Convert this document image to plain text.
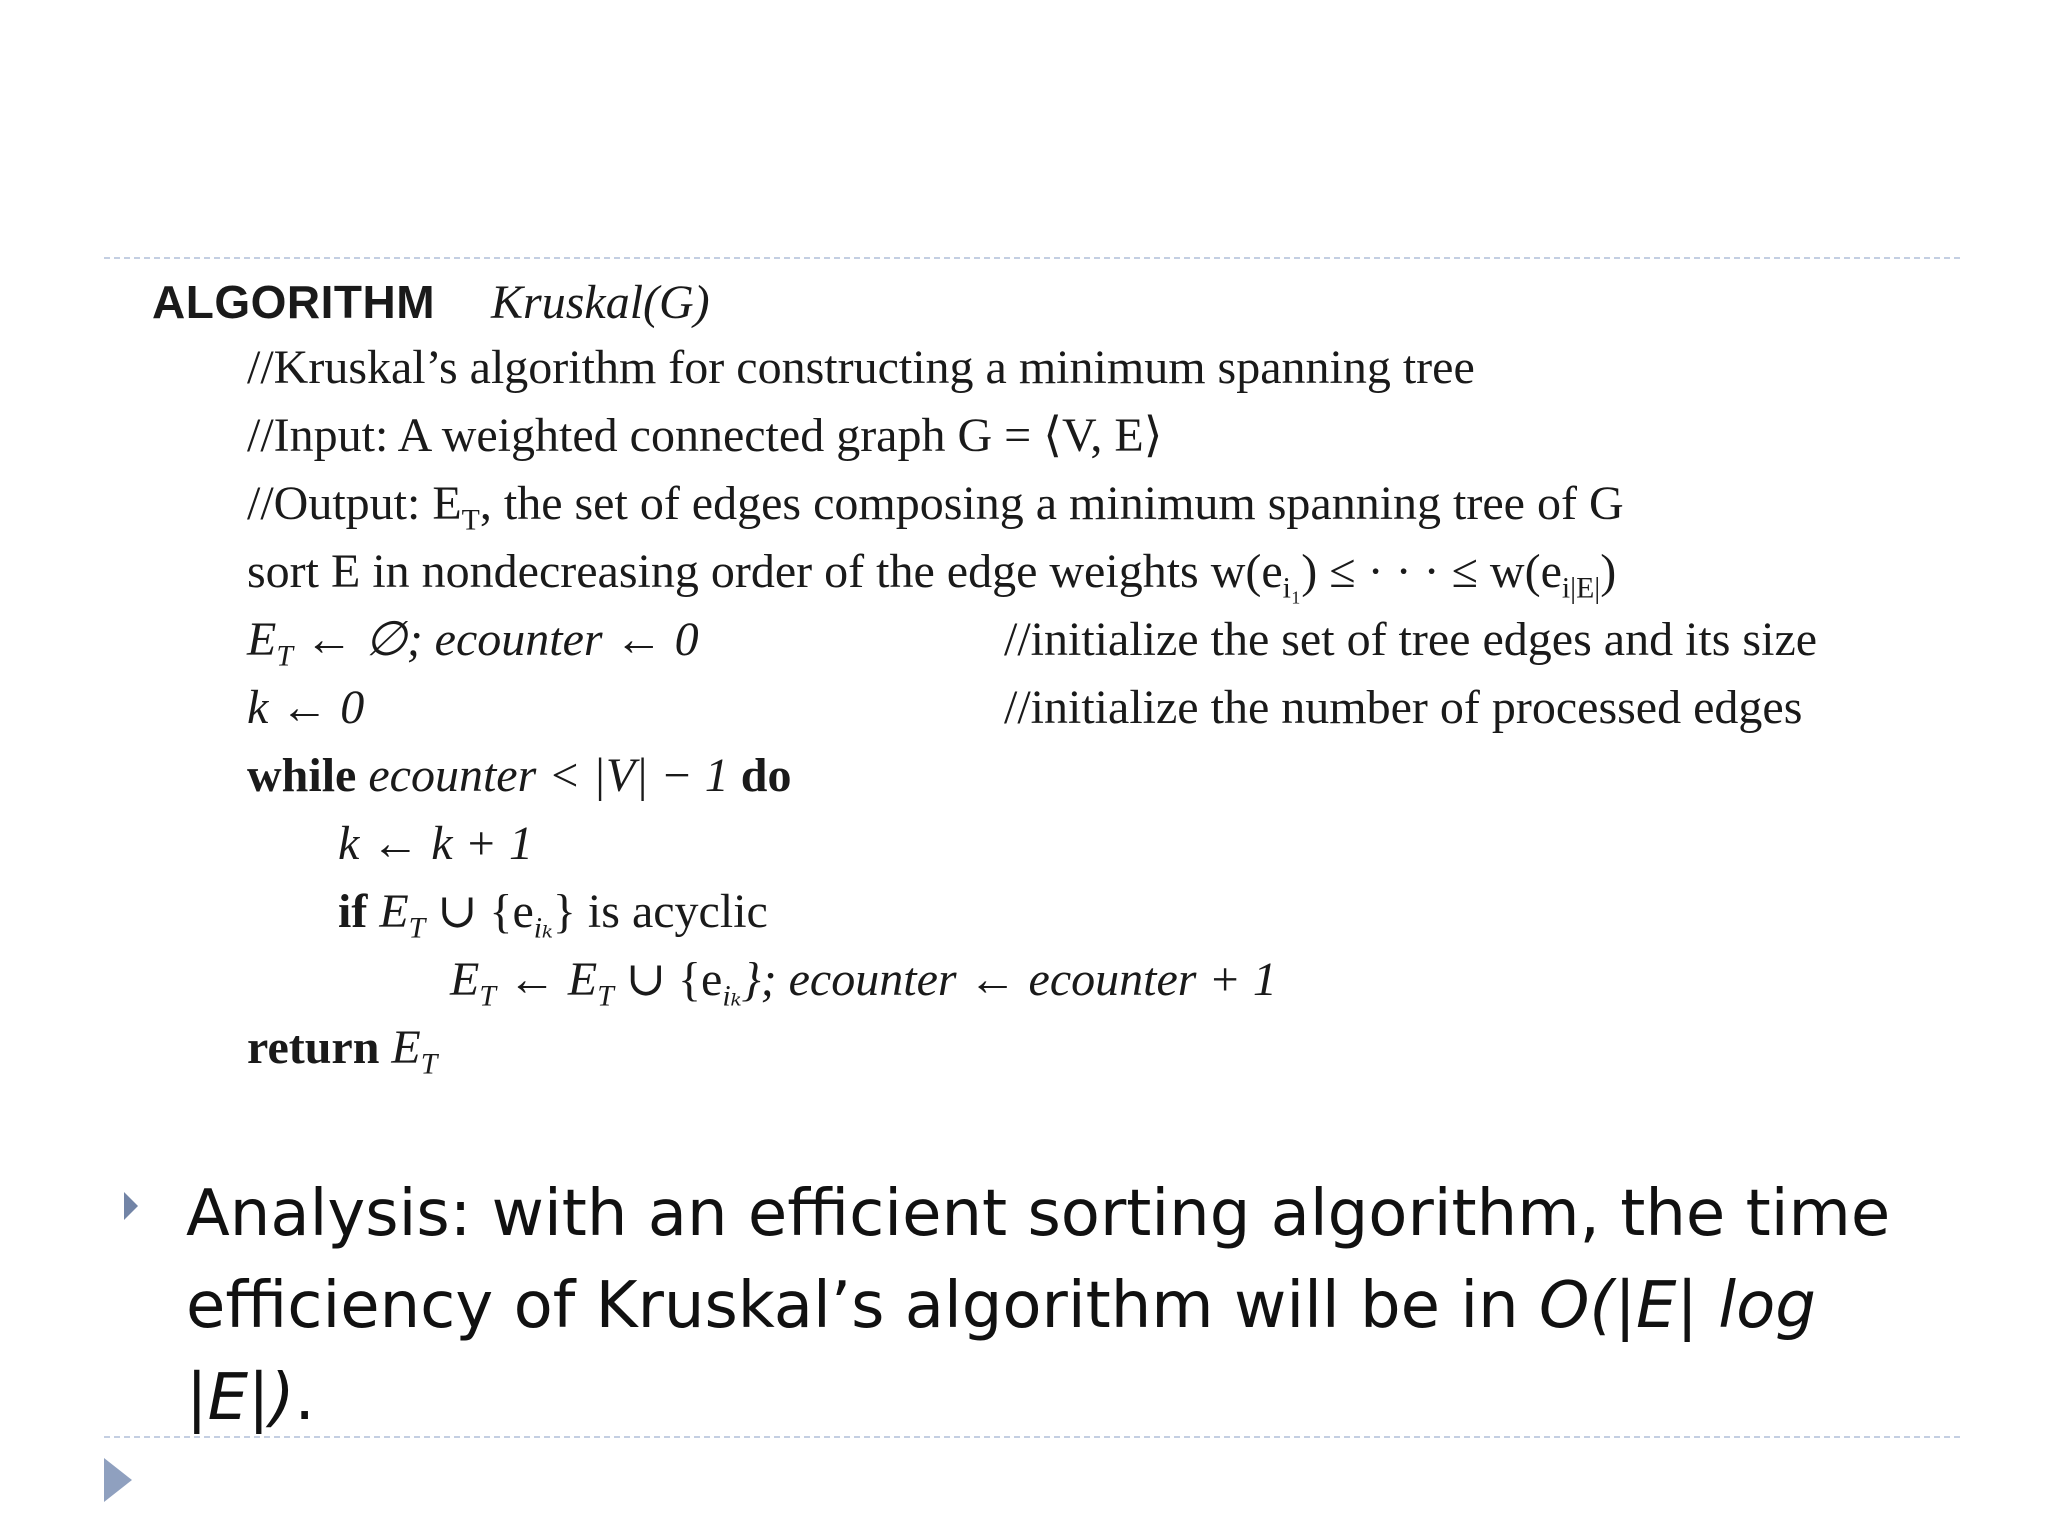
ALGORITHM Kruskal(G)
//Kruskal’s algorithm for constructing a minimum spanning tree
//Input: A weighted connected graph G = ⟨V, E⟩
//Output: $E_T$, the set of edges composing a minimum spanning tree of G
sort E in nondecreasing order of the edge weights $w(e_{i_1})$ ≤ · · · ≤ $w(e_{i|E|})$
$E_T$ ← ∅; ecounter ← 0	//initialize the set of tree edges and its size
k ← 0	//initialize the number of processed edges
while ecounter < |V| − 1 do
k ← k + 1
if $E_T$ ∪ $\{e_{i_k}\}$ is acyclic
$E_T$ ← $E_T$ ∪ $\{e_{i_k}\}$; ecounter ← ecounter + 1
return $E_T$
Analysis: with an efficient sorting algorithm, the time efficiency of Kruskal’s algorithm will be in O(|E| log |E|).
